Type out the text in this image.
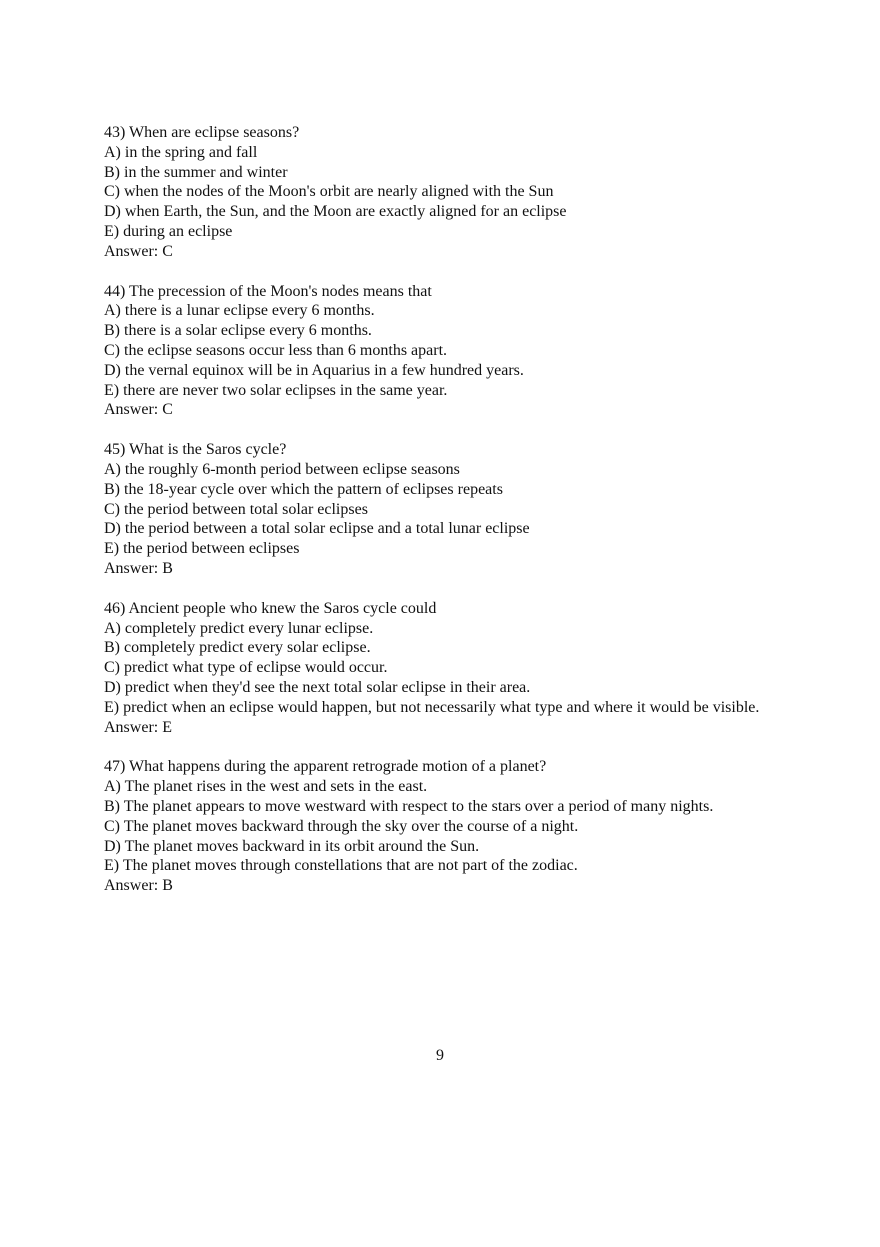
43) When are eclipse seasons?
A) in the spring and fall
B) in the summer and winter
C) when the nodes of the Moon's orbit are nearly aligned with the Sun
D) when Earth, the Sun, and the Moon are exactly aligned for an eclipse
E) during an eclipse
Answer: C
44) The precession of the Moon's nodes means that
A) there is a lunar eclipse every 6 months.
B) there is a solar eclipse every 6 months.
C) the eclipse seasons occur less than 6 months apart.
D) the vernal equinox will be in Aquarius in a few hundred years.
E) there are never two solar eclipses in the same year.
Answer: C
45) What is the Saros cycle?
A) the roughly 6-month period between eclipse seasons
B) the 18-year cycle over which the pattern of eclipses repeats
C) the period between total solar eclipses
D) the period between a total solar eclipse and a total lunar eclipse
E) the period between eclipses
Answer: B
46) Ancient people who knew the Saros cycle could
A) completely predict every lunar eclipse.
B) completely predict every solar eclipse.
C) predict what type of eclipse would occur.
D) predict when they'd see the next total solar eclipse in their area.
E) predict when an eclipse would happen, but not necessarily what type and where it would be visible.
Answer: E
47) What happens during the apparent retrograde motion of a planet?
A) The planet rises in the west and sets in the east.
B) The planet appears to move westward with respect to the stars over a period of many nights.
C) The planet moves backward through the sky over the course of a night.
D) The planet moves backward in its orbit around the Sun.
E) The planet moves through constellations that are not part of the zodiac.
Answer: B
9
